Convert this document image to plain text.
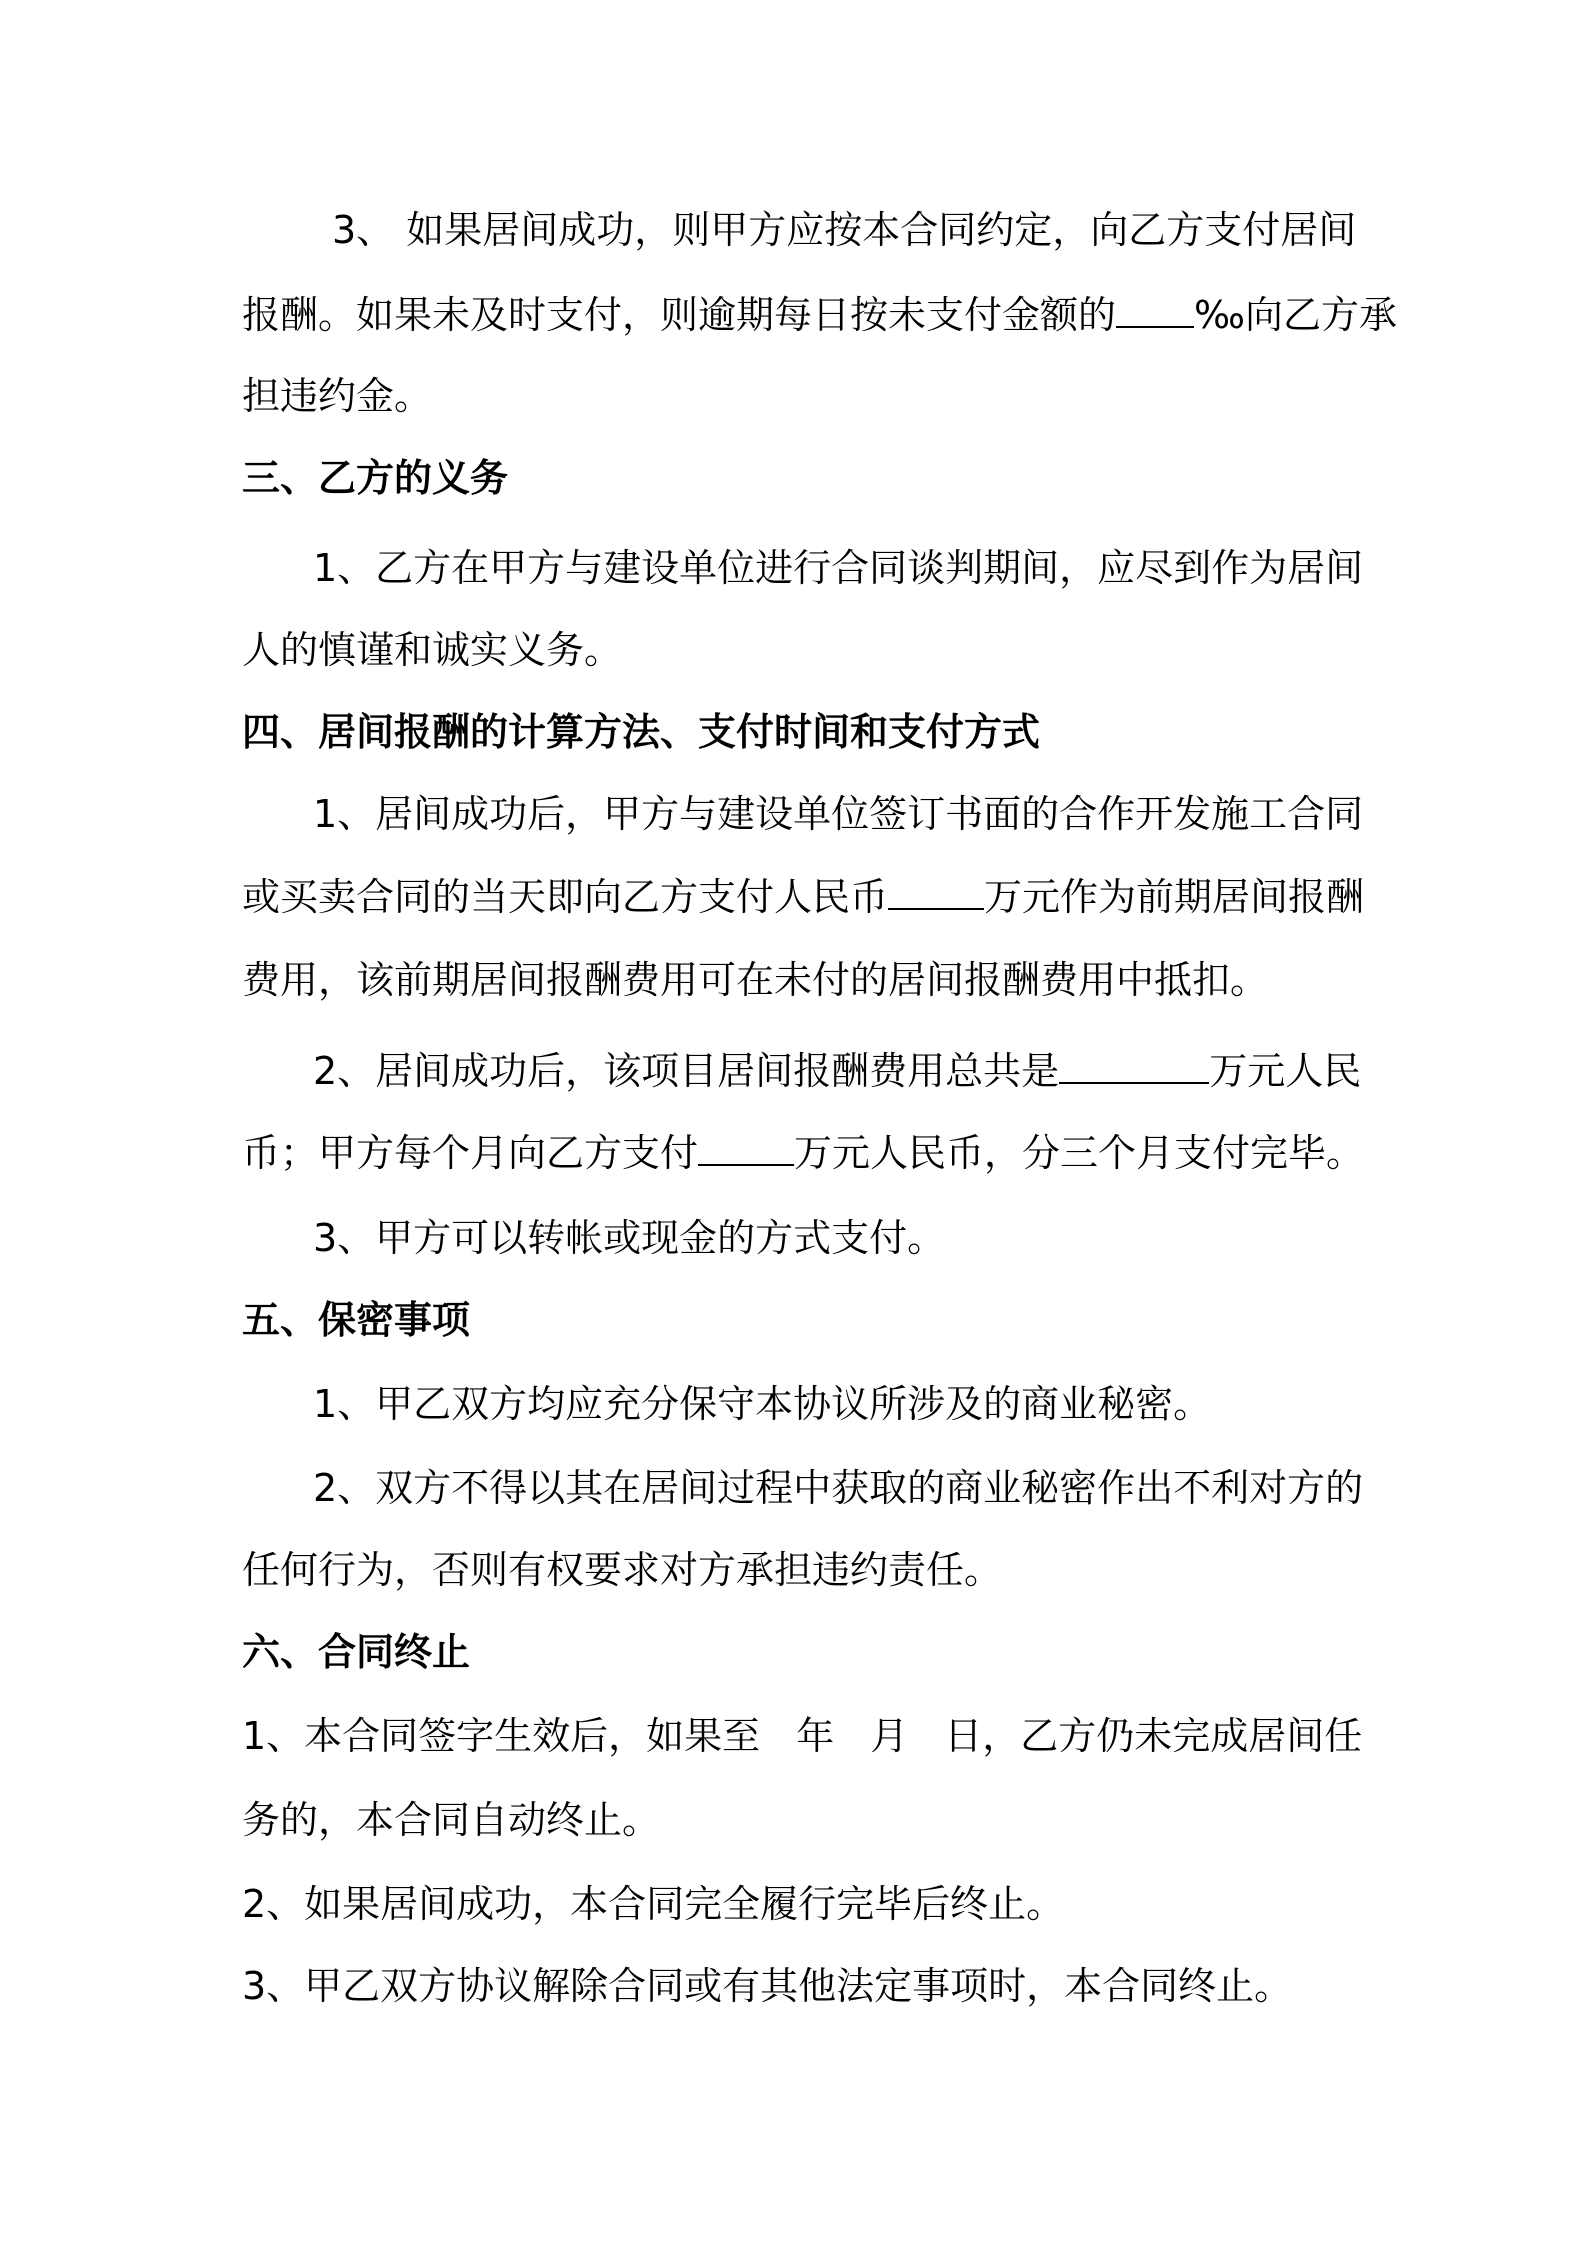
3、 如果居间成功，则甲方应按本合同约定，向乙方支付居间
报酬。如果未及时支付，则逾期每日按未支付金额的 ‰向乙方承
担违约金。
三、乙方的义务
1、乙方在甲方与建设单位进行合同谈判期间，应尽到作为居间
人的慎谨和诚实义务。
四、居间报酬的计算方法、支付时间和支付方式
1、居间成功后，甲方与建设单位签订书面的合作开发施工合同
或买卖合同的当天即向乙方支付人民币	万元作为前期居间报酬
费用，该前期居间报酬费用可在未付的居间报酬费用中抵扣。
2、居间成功后，该项目居间报酬费用总共是	万元人民
币；甲方每个月向乙方支付	万元人民币，分三个月支付完毕。
3、甲方可以转帐或现金的方式支付。
五、保密事项
1、甲乙双方均应充分保守本协议所涉及的商业秘密。
2、双方不得以其在居间过程中获取的商业秘密作出不利对方的
任何行为，否则有权要求对方承担违约责任。
六、合同终止
1、本合同签字生效后，如果至 年 月 日，乙方仍未完成居间任
务的，本合同自动终止。
2、如果居间成功，本合同完全履行完毕后终止。
3、甲乙双方协议解除合同或有其他法定事项时，本合同终止。
